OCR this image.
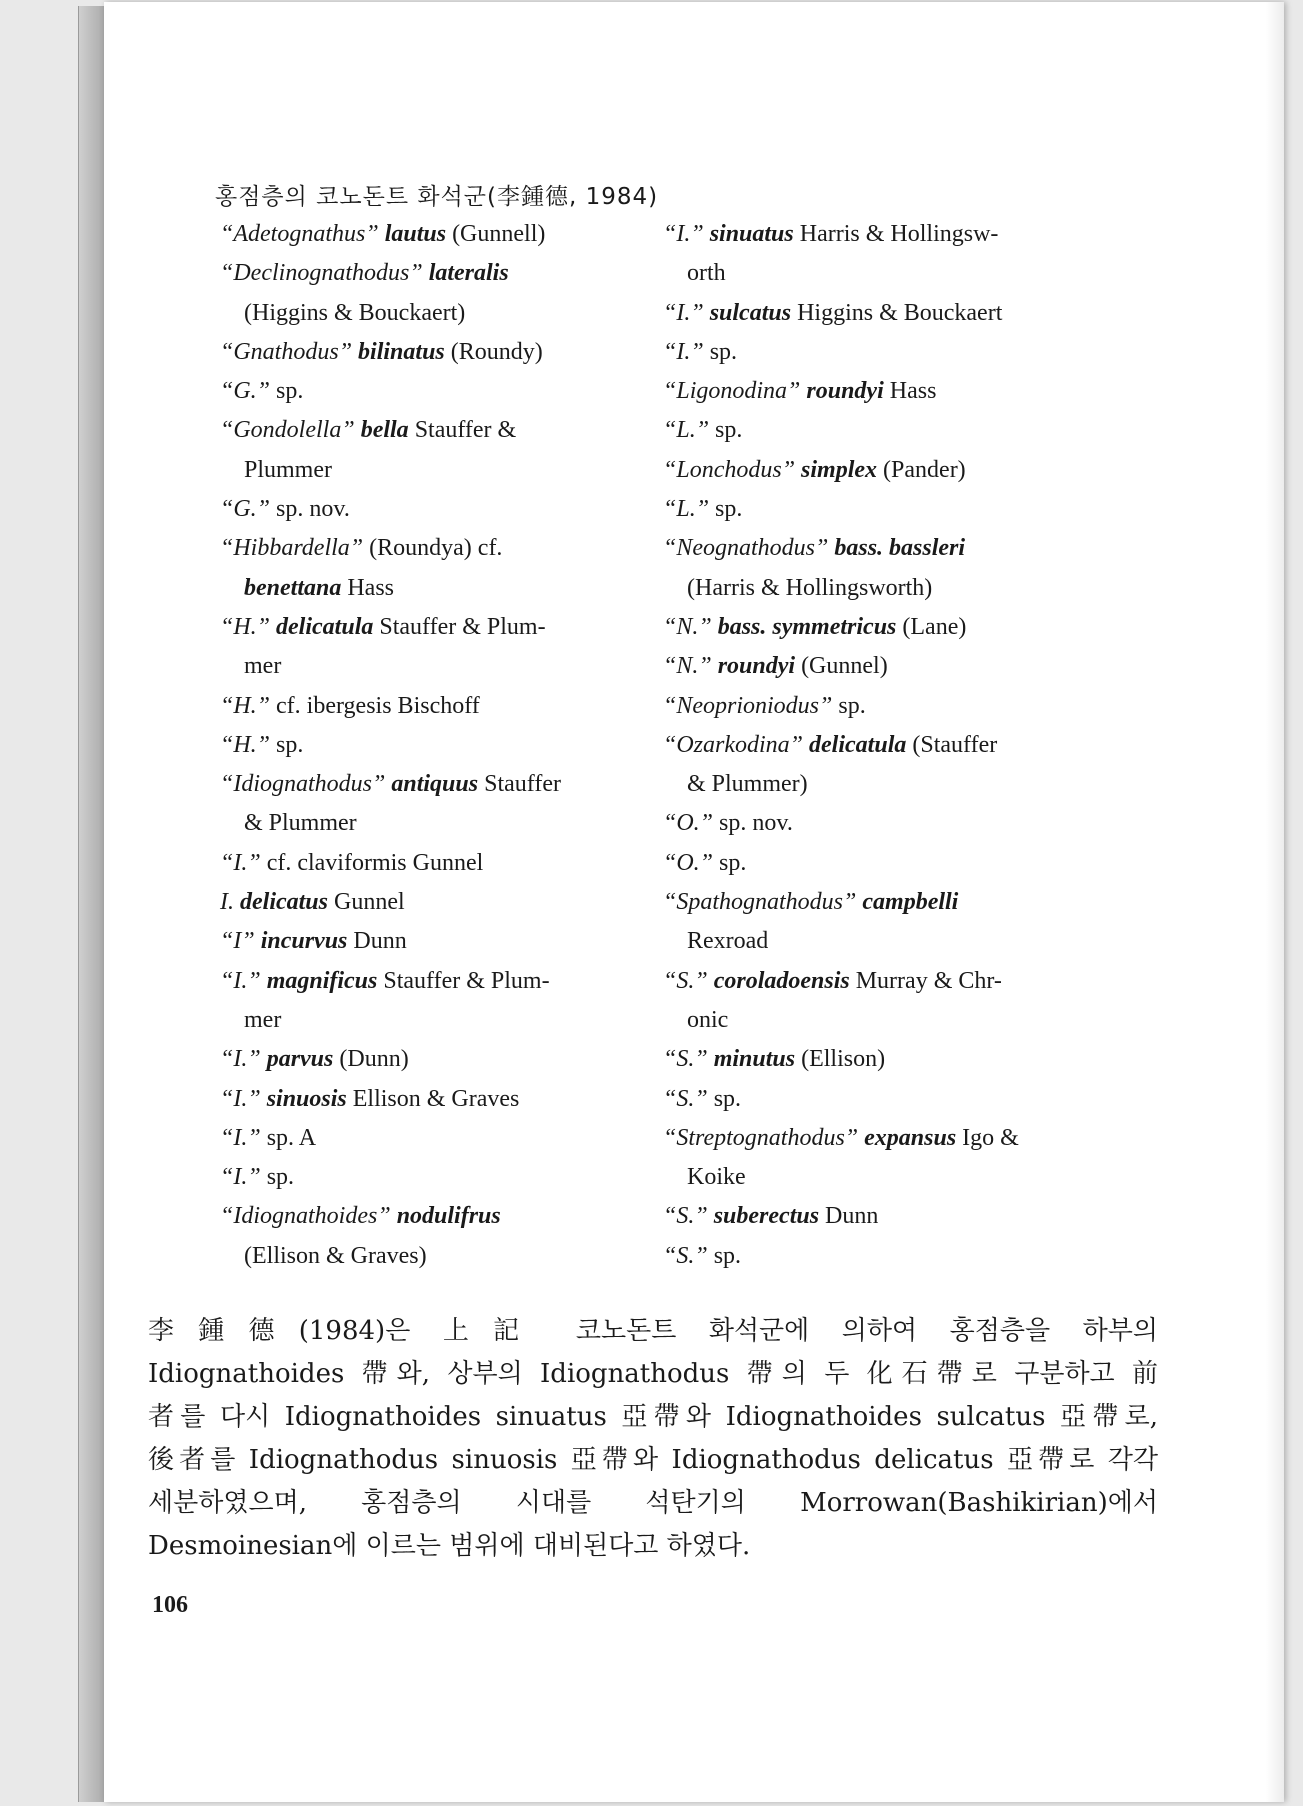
홍점층의 코노돈트 화석군(李鍾德, 1984)
“Adetognathus” lautus (Gunnell)
“Declinognathodus” lateralis
(Higgins & Bouckaert)
“Gnathodus” bilinatus (Roundy)
“G.” sp.
“Gondolella” bella Stauffer &
Plummer
“G.” sp. nov.
“Hibbardella” (Roundya) cf.
benettana Hass
“H.” delicatula Stauffer & Plum-
mer
“H.” cf. ibergesis Bischoff
“H.” sp.
“Idiognathodus” antiquus Stauffer
& Plummer
“I.” cf. claviformis Gunnel
I. delicatus Gunnel
“I” incurvus Dunn
“I.” magnificus Stauffer & Plum-
mer
“I.” parvus (Dunn)
“I.” sinuosis Ellison & Graves
“I.” sp. A
“I.” sp.
“Idiognathoides” nodulifrus
(Ellison & Graves)
“I.” sinuatus Harris & Hollingsw-
orth
“I.” sulcatus Higgins & Bouckaert
“I.” sp.
“Ligonodina” roundyi Hass
“L.” sp.
“Lonchodus” simplex (Pander)
“L.” sp.
“Neognathodus” bass. bassleri
(Harris & Hollingsworth)
“N.” bass. symmetricus (Lane)
“N.” roundyi (Gunnel)
“Neoprioniodus” sp.
“Ozarkodina” delicatula (Stauffer
& Plummer)
“O.” sp. nov.
“O.” sp.
“Spathognathodus” campbelli
Rexroad
“S.” coroladoensis Murray & Chr-
onic
“S.” minutus (Ellison)
“S.” sp.
“Streptognathodus” expansus Igo &
Koike
“S.” suberectus Dunn
“S.” sp.
李鍾德(1984)은 上記 코노돈트 화석군에 의하여 홍점층을 하부의
Idiognathoides 帶와, 상부의 Idiognathodus 帶의 두 化石帶로 구분하고 前
者를 다시 Idiognathoides sinuatus 亞帶와 Idiognathoides sulcatus 亞帶로,
後者를 Idiognathodus sinuosis 亞帶와 Idiognathodus delicatus 亞帶로 각각
세분하였으며, 홍점층의 시대를 석탄기의 Morrowan(Bashikirian)에서
Desmoinesian에 이르는 범위에 대비된다고 하였다.
106
